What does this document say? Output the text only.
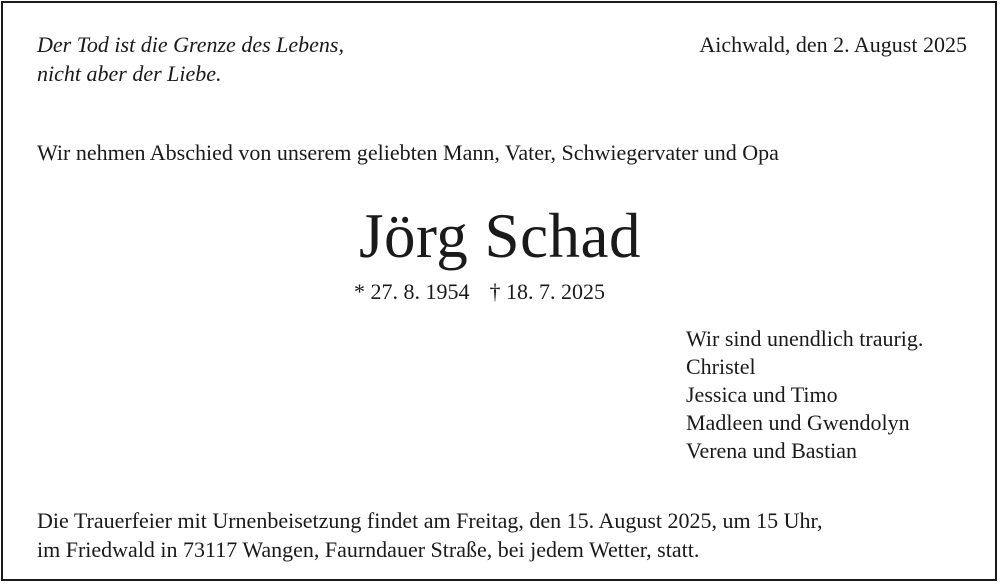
Der Tod ist die Grenze des Lebens,
nicht aber der Liebe.
Aichwald, den 2. August 2025
Wir nehmen Abschied von unserem geliebten Mann, Vater, Schwiegervater und Opa
Jörg Schad
* 27. 8. 1954 † 18. 7. 2025
Wir sind unendlich traurig.
Christel
Jessica und Timo
Madleen und Gwendolyn
Verena und Bastian
Die Trauerfeier mit Urnenbeisetzung findet am Freitag, den 15. August 2025, um 15 Uhr,
im Friedwald in 73117 Wangen, Faurndauer Straße, bei jedem Wetter, statt.
